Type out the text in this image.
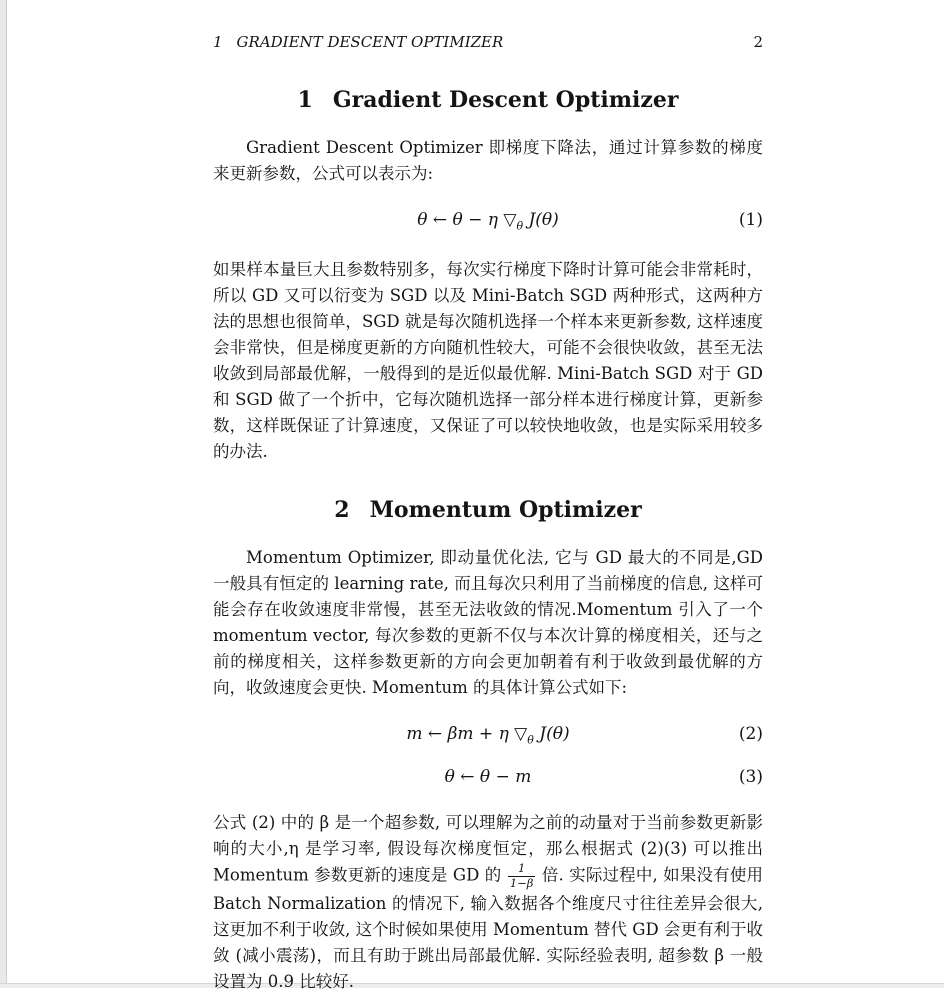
1 GRADIENT DESCENT OPTIMIZER	2
1 Gradient Descent Optimizer

Gradient Descent Optimizer 即梯度下降法，通过计算参数的梯度来更新参数，公式可以表示为:

θ ← θ − η $▽_\theta$ J(θ)	(1)

如果样本量巨大且参数特别多，每次实行梯度下降时计算可能会非常耗时，所以 GD 又可以衍变为 SGD 以及 Mini-Batch SGD 两种形式，这两种方法的思想也很简单，SGD 就是每次随机选择一个样本来更新参数, 这样速度会非常快，但是梯度更新的方向随机性较大，可能不会很快收敛，甚至无法收敛到局部最优解，一般得到的是近似最优解. Mini-Batch SGD 对于 GD 和 SGD 做了一个折中，它每次随机选择一部分样本进行梯度计算，更新参数，这样既保证了计算速度，又保证了可以较快地收敛，也是实际采用较多的办法.

2 Momentum Optimizer

Momentum Optimizer, 即动量优化法, 它与 GD 最大的不同是,GD 一般具有恒定的 learning rate, 而且每次只利用了当前梯度的信息, 这样可能会存在收敛速度非常慢，甚至无法收敛的情况.Momentum 引入了一个 momentum vector, 每次参数的更新不仅与本次计算的梯度相关，还与之前的梯度相关，这样参数更新的方向会更加朝着有利于收敛到最优解的方向，收敛速度会更快. Momentum 的具体计算公式如下:

m ← βm + η $▽_\theta$ J(θ)	(2)
θ ← θ − m	(3)

公式 (2) 中的 β 是一个超参数, 可以理解为之前的动量对于当前参数更新影响的大小,η 是学习率, 假设每次梯度恒定，那么根据式 (2)(3) 可以推出 Momentum 参数更新的速度是 GD 的 $\frac{1}{1-\beta}$ 倍. 实际过程中, 如果没有使用 Batch Normalization 的情况下, 输入数据各个维度尺寸往往差异会很大, 这更加不利于收敛, 这个时候如果使用 Momentum 替代 GD 会更有利于收敛 (减小震荡)，而且有助于跳出局部最优解. 实际经验表明, 超参数 β 一般设置为 0.9 比较好.
